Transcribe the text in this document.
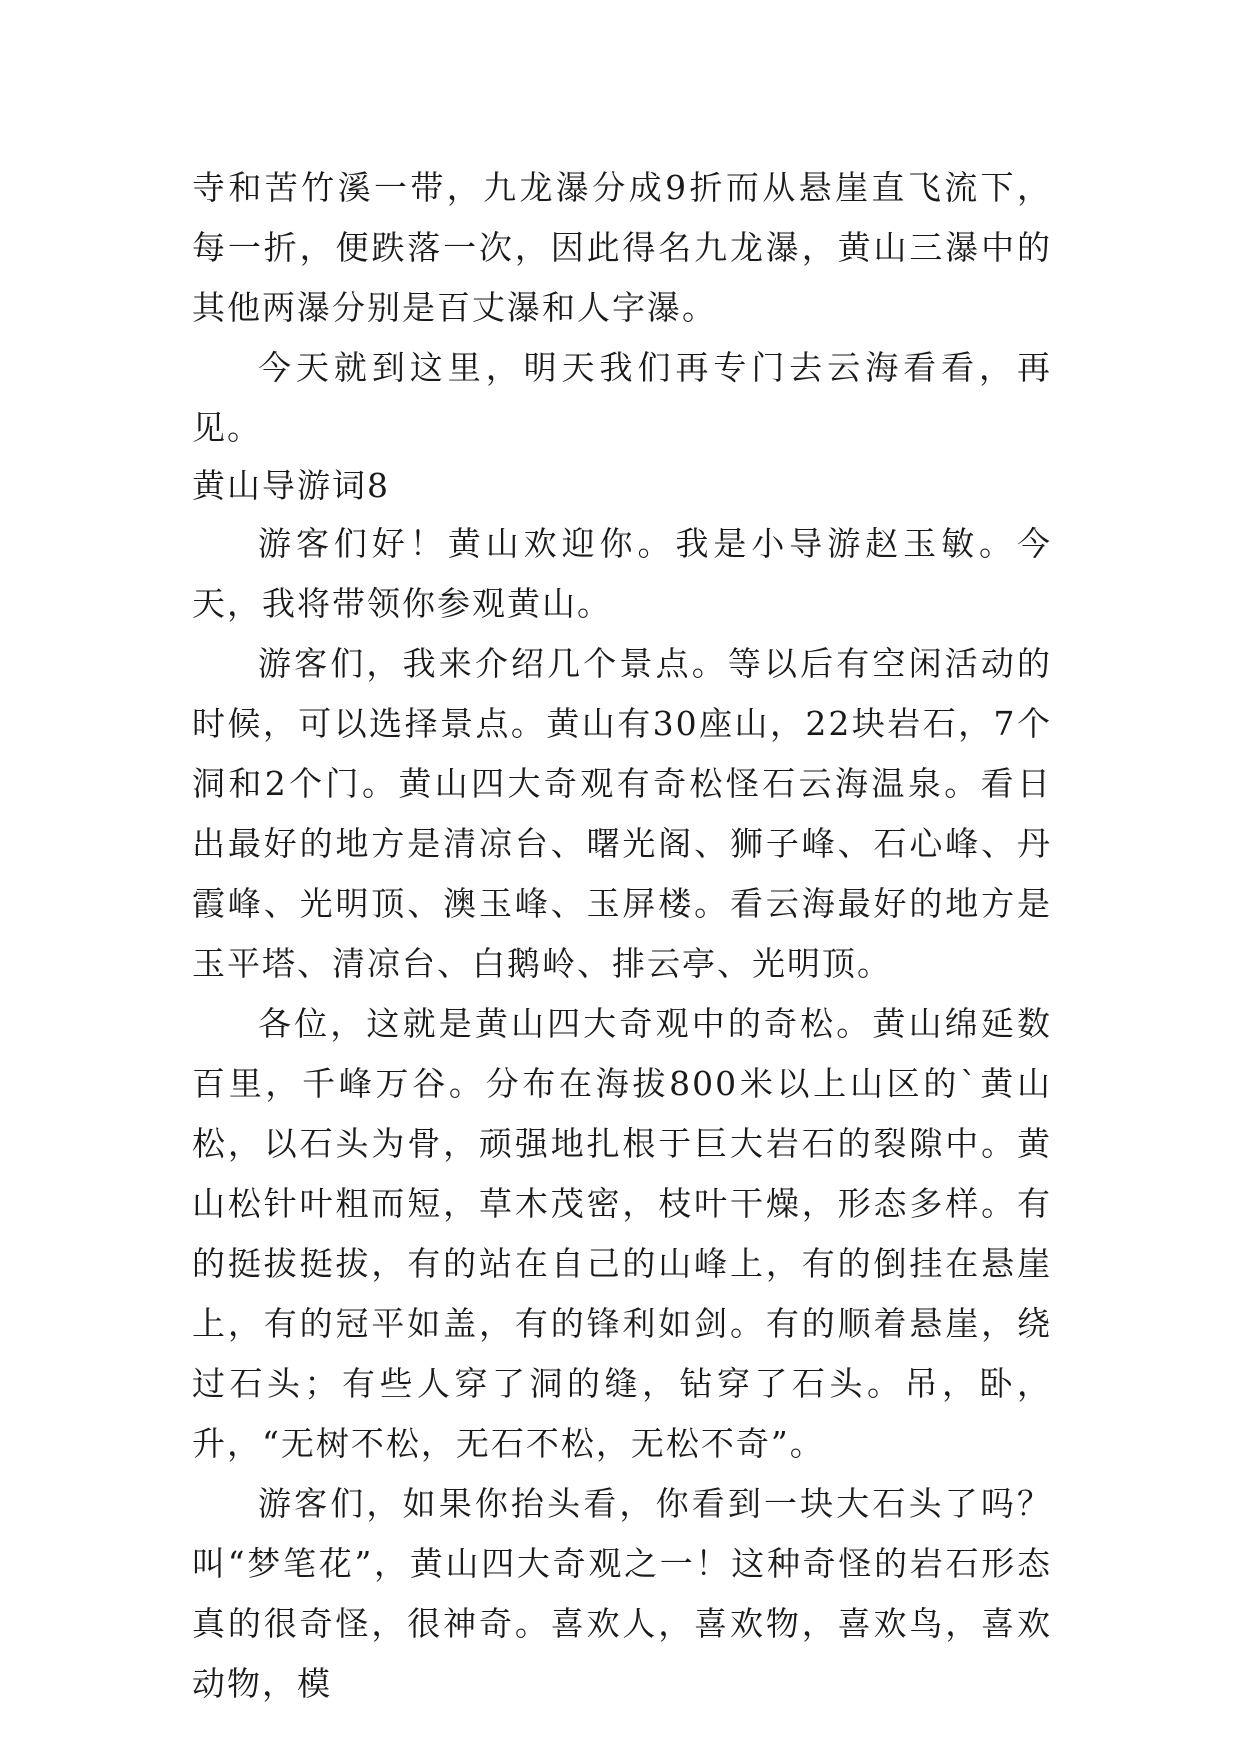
寺和苦竹溪一带，九龙瀑分成9折而从悬崖直飞流下，每一折，便跌落一次，因此得名九龙瀑，黄山三瀑中的其他两瀑分别是百丈瀑和人字瀑。

今天就到这里，明天我们再专门去云海看看，再见。

黄山导游词8

游客们好！黄山欢迎你。我是小导游赵玉敏。今天，我将带领你参观黄山。

游客们，我来介绍几个景点。等以后有空闲活动的时候，可以选择景点。黄山有30座山，22块岩石，7个洞和2个门。黄山四大奇观有奇松怪石云海温泉。看日出最好的地方是清凉台、曙光阁、狮子峰、石心峰、丹霞峰、光明顶、澳玉峰、玉屏楼。看云海最好的地方是玉平塔、清凉台、白鹅岭、排云亭、光明顶。

各位，这就是黄山四大奇观中的奇松。黄山绵延数百里，千峰万谷。分布在海拔800米以上山区的`黄山松，以石头为骨，顽强地扎根于巨大岩石的裂隙中。黄山松针叶粗而短，草木茂密，枝叶干燥，形态多样。有的挺拔挺拔，有的站在自己的山峰上，有的倒挂在悬崖上，有的冠平如盖，有的锋利如剑。有的顺着悬崖，绕过石头；有些人穿了洞的缝，钻穿了石头。吊，卧，升，“无树不松，无石不松，无松不奇”。

游客们，如果你抬头看，你看到一块大石头了吗？叫“梦笔花”，黄山四大奇观之一！这种奇怪的岩石形态真的很奇怪，很神奇。喜欢人，喜欢物，喜欢鸟，喜欢动物，模
